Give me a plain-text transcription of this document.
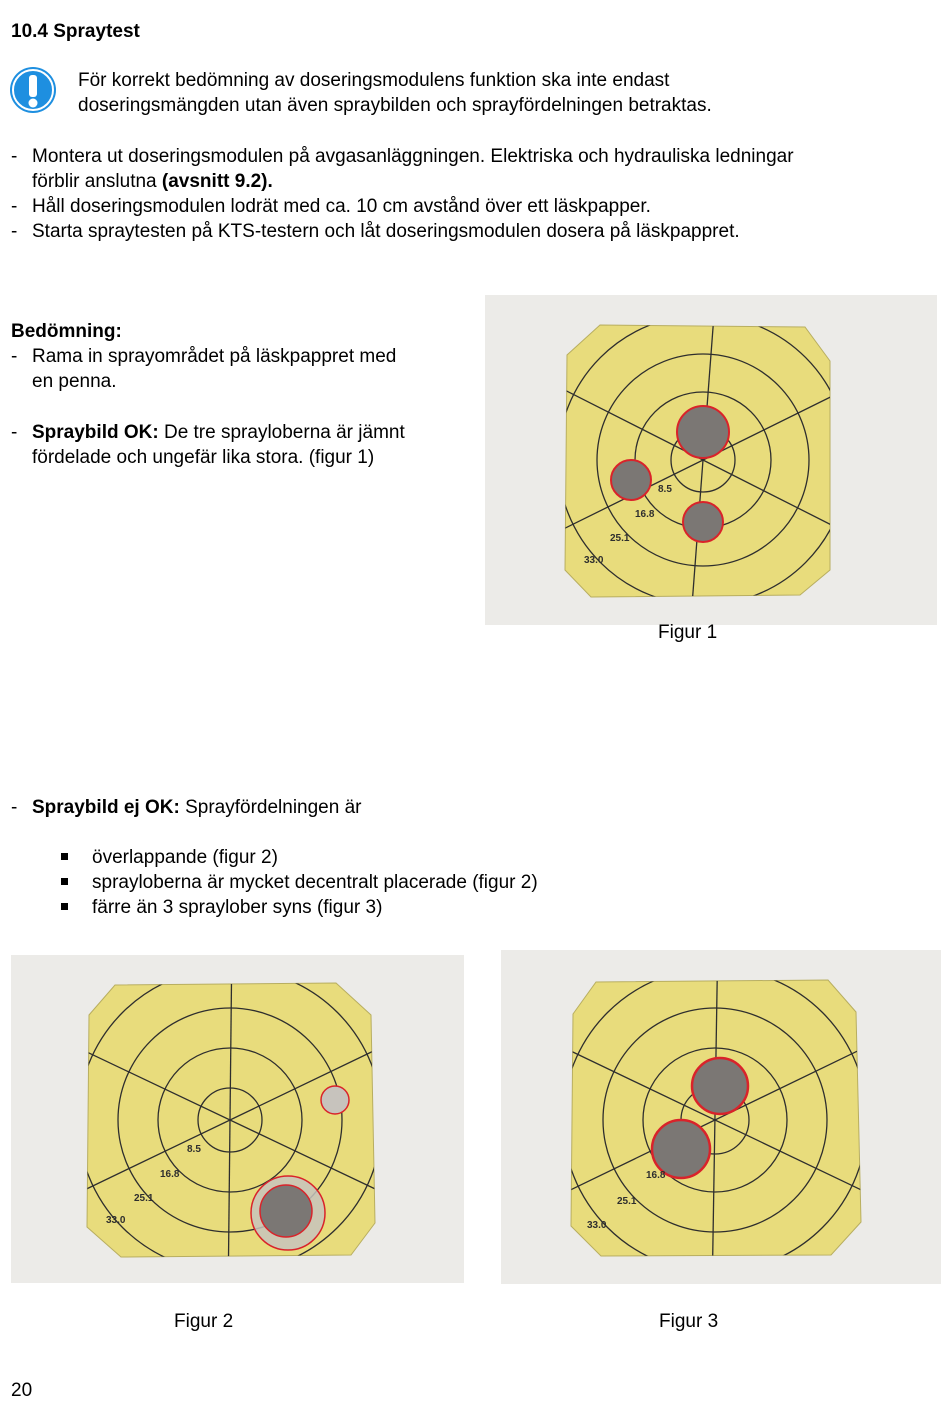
10.4 Spraytest
För korrekt bedömning av doseringsmodulens funktion ska inte endast
doseringsmängden utan även spraybilden och sprayfördelningen betraktas.
- Montera ut doseringsmodulen på avgasanläggningen. Elektriska och hydrauliska ledningar
förblir anslutna (avsnitt 9.2).
- Håll doseringsmodulen lodrät med ca. 10 cm avstånd över ett läskpapper.
- Starta spraytesten på KTS-testern och låt doseringsmodulen dosera på läskpappret.
Bedömning:
- Rama in sprayområdet på läskpappret med
en penna.
- Spraybild OK: De tre sprayloberna är jämnt
fördelade och ungefär lika stora. (figur 1)
8.5
16.8
25.1
33.0
Figur 1
- Spraybild ej OK: Sprayfördelningen är
överlappande (figur 2)
sprayloberna är mycket decentralt placerade (figur 2)
färre än 3 spraylober syns (figur 3)
8.5
16.8
25.1
33.0
Figur 2
16.8
25.1
33.0
Figur 3
20
